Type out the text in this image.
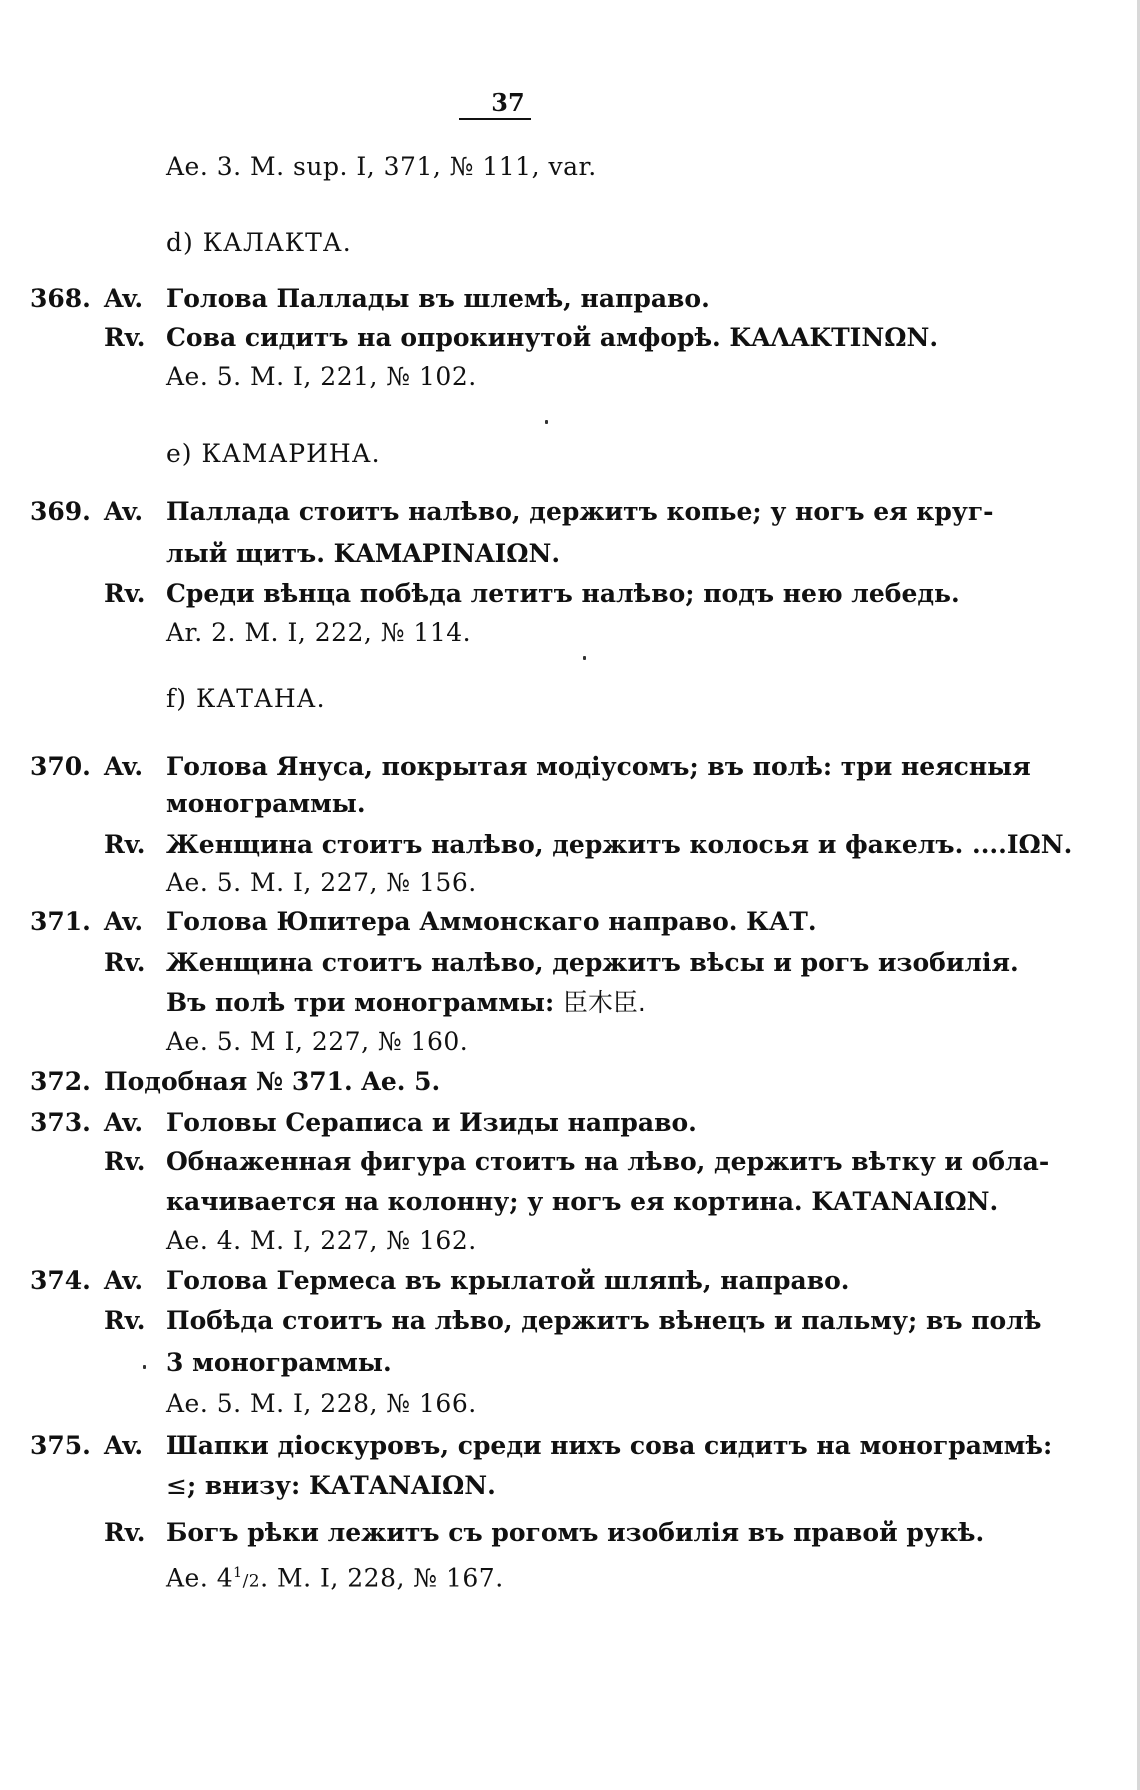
37
Ae. 3. M. sup. I, 371, № 111, var.
d) КАЛАКТА.
368. Av. Голова Паллады въ шлемѣ, направо.
Rv. Сова сидитъ на опрокинутой амфорѣ. ΚΑΛΑΚΤΙΝΩΝ.
Ae. 5. M. I, 221, № 102.
e) КАМАРИНА.
369. Av. Паллада стоитъ налѣво, держитъ копье; у ногъ ея круг-
лый щитъ. ΚΑΜΑΡΙΝΑΙΩΝ.
Rv. Среди вѣнца побѣда летитъ налѣво; подъ нею лебедь.
Ar. 2. M. I, 222, № 114.
f) КАТАНА.
370. Av. Голова Януса, покрытая модіусомъ; въ полѣ: три неясныя
монограммы.
Rv. Женщина стоитъ налѣво, держитъ колосья и факелъ. ....ΙΩΝ.
Ae. 5. M. I, 227, № 156.
371. Av. Голова Юпитера Аммонскаго направо. КАТ.
Rv. Женщина стоитъ налѣво, держитъ вѣсы и рогъ изобилія.
Въ полѣ три монограммы: ⾂⽊⾂.
Ae. 5. M I, 227, № 160.
372. Подобная № 371. Ae. 5.
373. Av. Головы Сераписа и Изиды направо.
Rv. Обнаженная фигура стоитъ на лѣво, держитъ вѣтку и обла-
качивается на колонну; у ногъ ея кортина. ΚΑΤΑΝΑΙΩΝ.
Ae. 4. M. I, 227, № 162.
374. Av. Голова Гермеса въ крылатой шляпѣ, направо.
Rv. Побѣда стоитъ на лѣво, держитъ вѣнецъ и пальму; въ полѣ
3 монограммы.
Ae. 5. M. I, 228, № 166.
375. Av. Шапки діоскуровъ, среди нихъ сова сидитъ на монограммѣ:
≤; внизу: ΚΑΤΑΝΑΙΩΝ.
Rv. Богъ рѣки лежитъ съ рогомъ изобилія въ правой рукѣ.
Ae. $4^1/2$. M. I, 228, № 167.
